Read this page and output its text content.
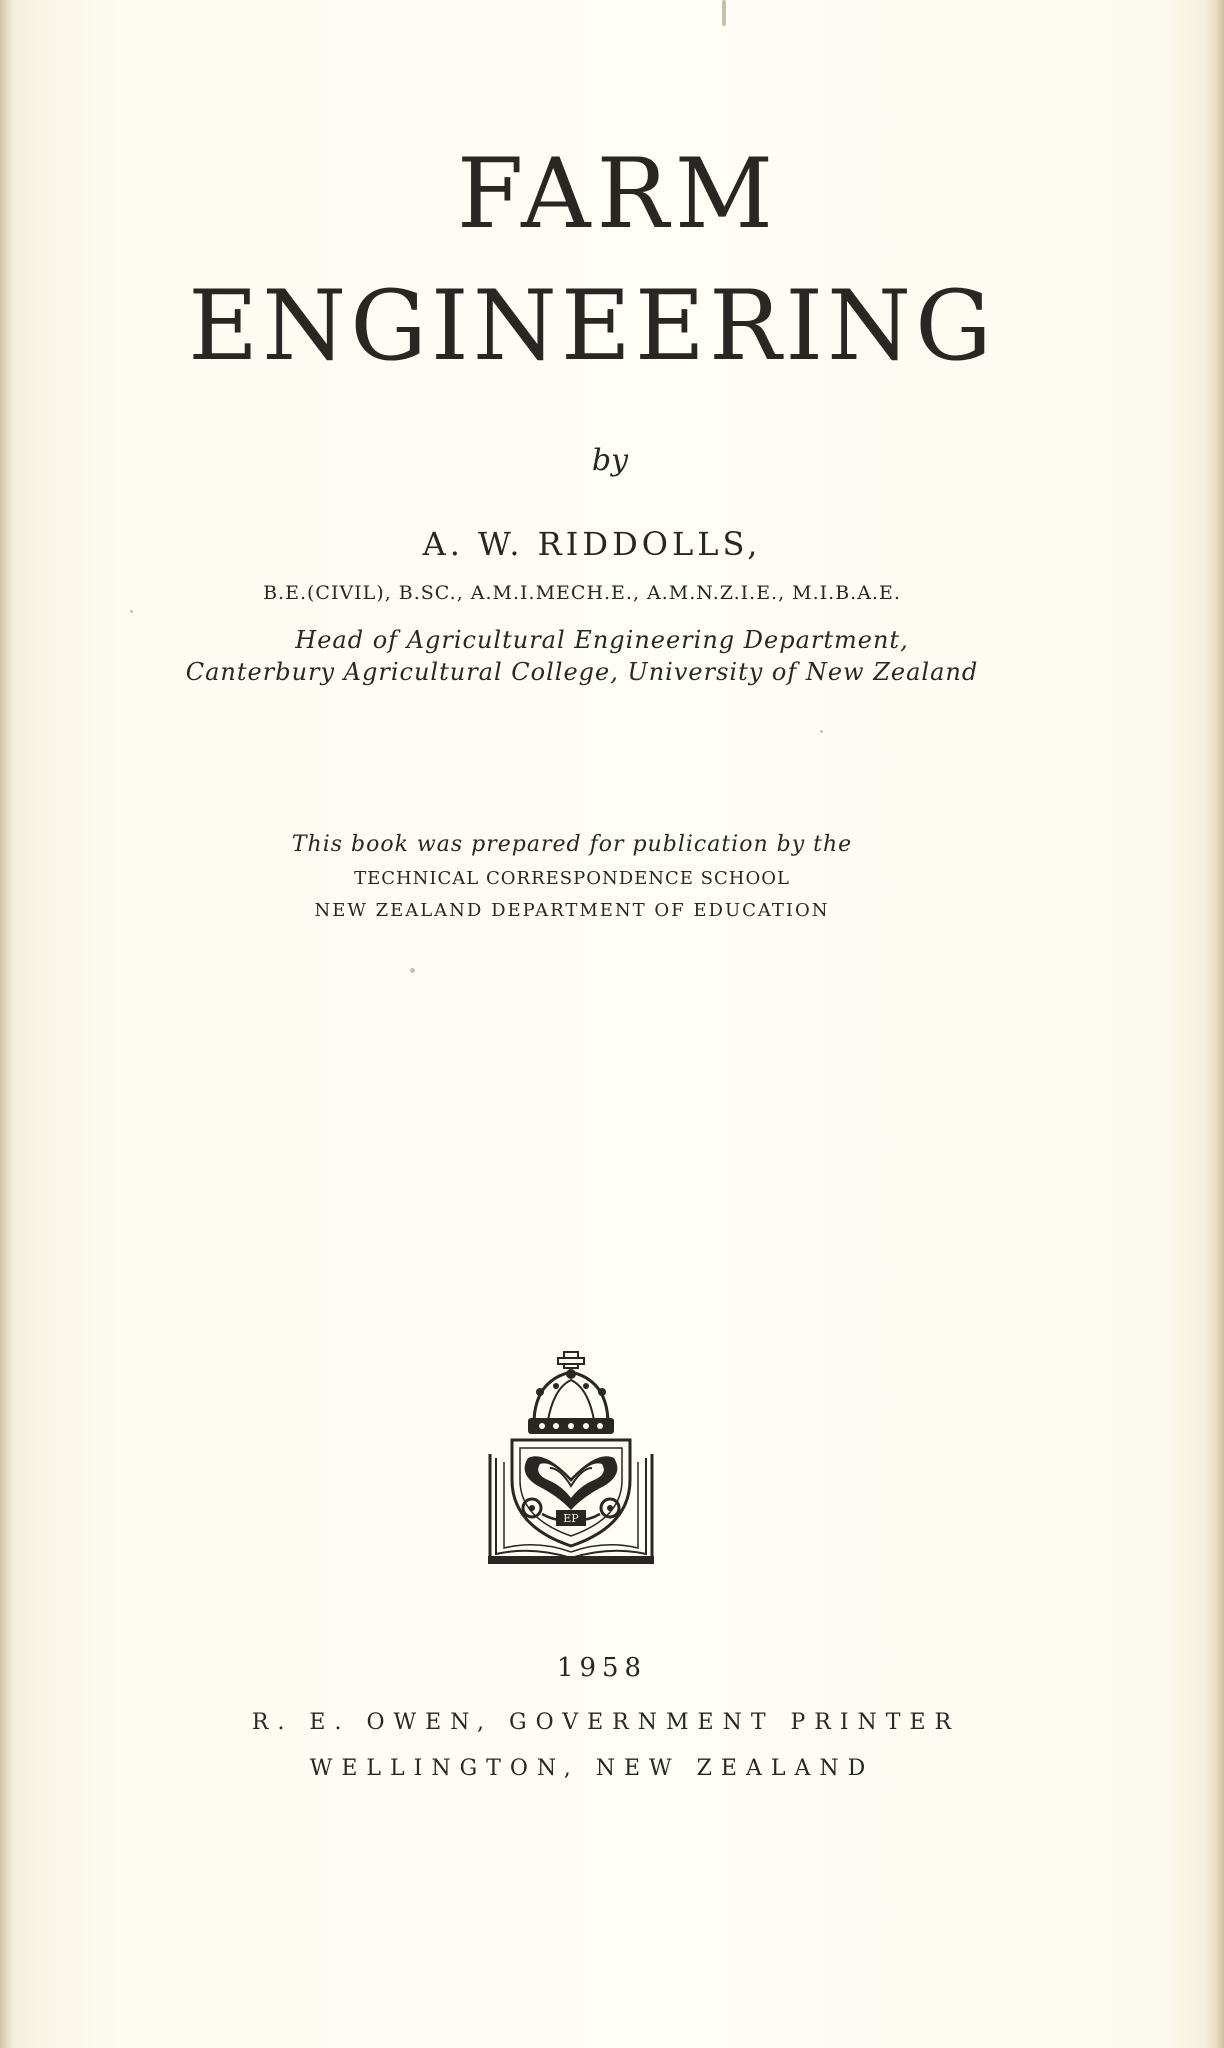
FARM
ENGINEERING
by
A. W. RIDDOLLS,
B.E.(CIVIL), B.SC., A.M.I.MECH.E., A.M.N.Z.I.E., M.I.B.A.E.
Head of Agricultural Engineering Department,
Canterbury Agricultural College, University of New Zealand
This book was prepared for publication by the
TECHNICAL CORRESPONDENCE SCHOOL
NEW ZEALAND DEPARTMENT OF EDUCATION
EP
1958
R. E. OWEN, GOVERNMENT PRINTER
WELLINGTON, NEW ZEALAND
